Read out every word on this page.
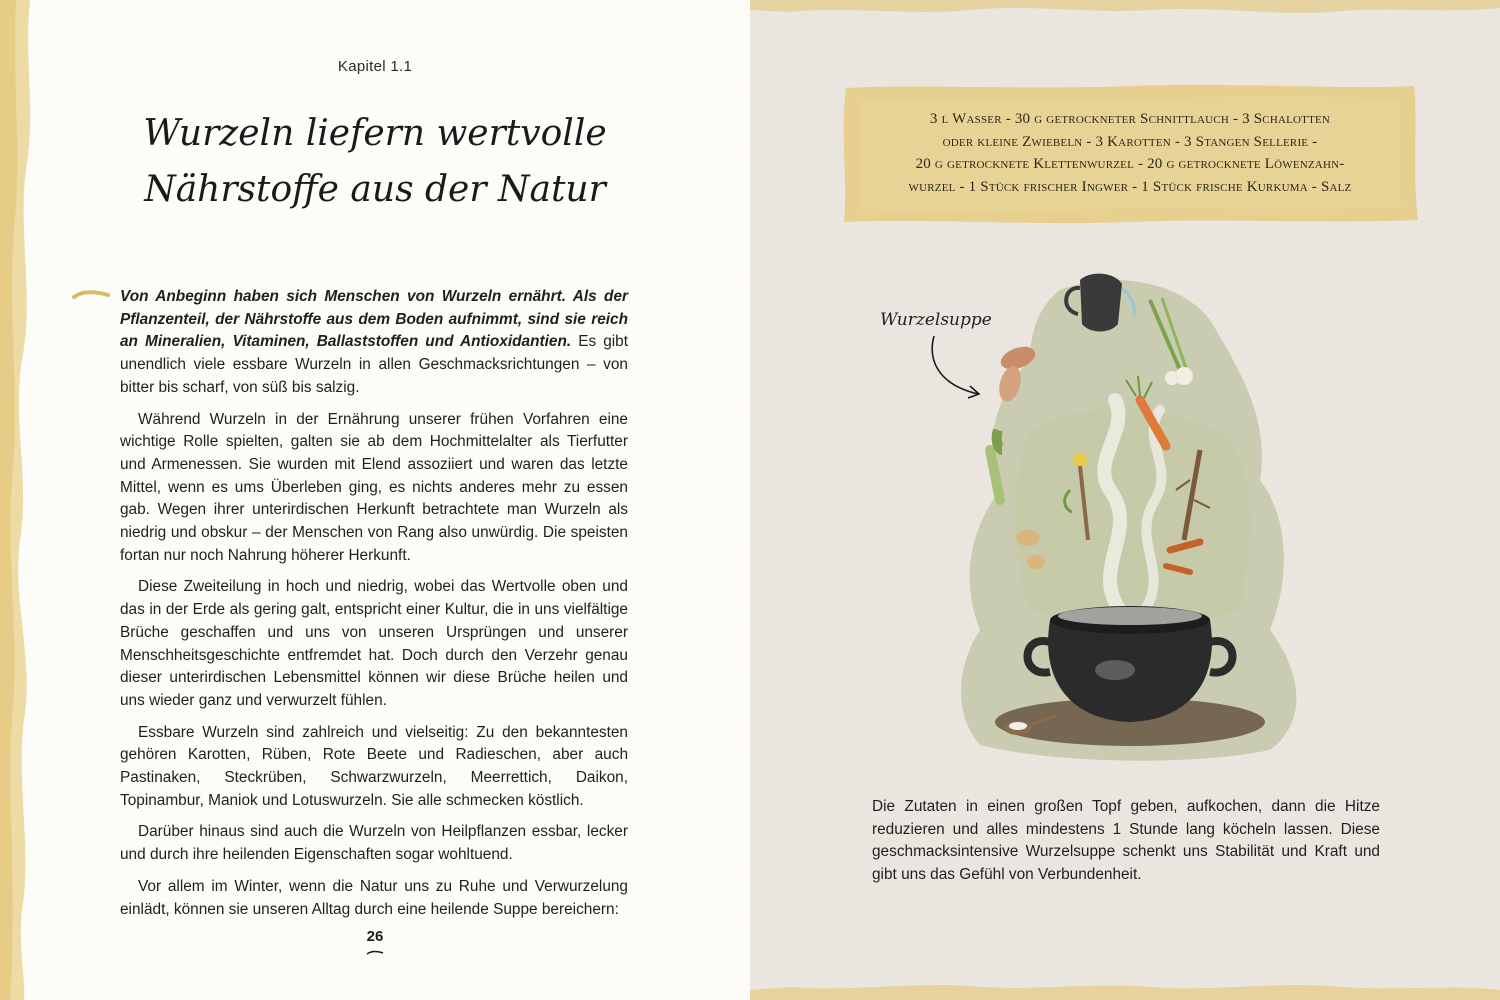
Kapitel 1.1
Wurzeln liefern wertvolle
Nährstoffe aus der Natur

Von Anbeginn haben sich Menschen von Wurzeln ernährt. Als der Pflanzenteil, der Nährstoffe aus dem Boden aufnimmt, sind sie reich an Mineralien, Vitaminen, Ballaststoffen und Antioxidantien. Es gibt unendlich viele essbare Wurzeln in allen Geschmacksrichtungen – von bitter bis scharf, von süß bis salzig.

Während Wurzeln in der Ernährung unserer frühen Vorfahren eine wichtige Rolle spielten, galten sie ab dem Hochmittelalter als Tierfutter und Armenessen. Sie wurden mit Elend assoziiert und waren das letzte Mittel, wenn es ums Überleben ging, es nichts anderes mehr zu essen gab. Wegen ihrer unterirdischen Herkunft betrachtete man Wurzeln als niedrig und obskur – der Menschen von Rang also unwürdig. Die speisten fortan nur noch Nahrung höherer Herkunft.

Diese Zweiteilung in hoch und niedrig, wobei das Wertvolle oben und das in der Erde als gering galt, entspricht einer Kultur, die in uns vielfältige Brüche geschaffen und uns von unseren Ursprüngen und unserer Menschheitsgeschichte entfremdet hat. Doch durch den Verzehr genau dieser unterirdischen Lebensmittel können wir diese Brüche heilen und uns wieder ganz und verwurzelt fühlen.

Essbare Wurzeln sind zahlreich und vielseitig: Zu den bekanntesten gehören Karotten, Rüben, Rote Beete und Radieschen, aber auch Pastinaken, Steckrüben, Schwarzwurzeln, Meerrettich, Daikon, Topinambur, Maniok und Lotuswurzeln. Sie alle schmecken köstlich.

Darüber hinaus sind auch die Wurzeln von Heilpflanzen essbar, lecker und durch ihre heilenden Eigenschaften sogar wohltuend.

Vor allem im Winter, wenn die Natur uns zu Ruhe und Verwurzelung einlädt, können sie unseren Alltag durch eine heilende Suppe bereichern:

26
3 l Wasser - 30 g getrockneter Schnittlauch - 3 Schalotten
oder kleine Zwiebeln - 3 Karotten - 3 Stangen Sellerie -
20 g getrocknete Klettenwurzel - 20 g getrocknete Löwenzahn-
wurzel - 1 Stück frischer Ingwer - 1 Stück frische Kurkuma - Salz
Wurzelsuppe
Die Zutaten in einen großen Topf geben, aufkochen, dann die Hitze reduzieren und alles mindestens 1 Stunde lang köcheln lassen. Diese geschmacksintensive Wurzelsuppe schenkt uns Stabilität und Kraft und gibt uns das Gefühl von Verbundenheit.
